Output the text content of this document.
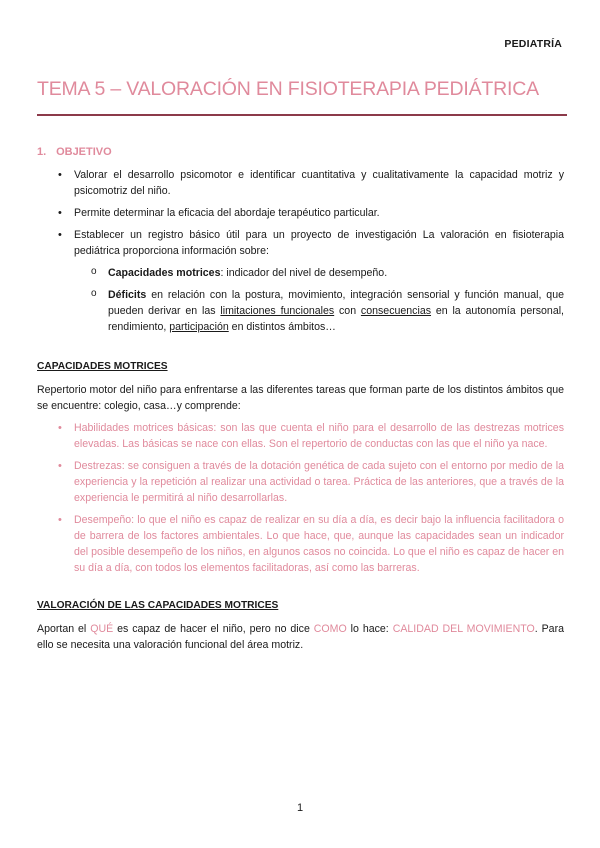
PEDIATRÍA
TEMA 5 – VALORACIÓN EN FISIOTERAPIA PEDIÁTRICA
1. OBJETIVO
• Valorar el desarrollo psicomotor e identificar cuantitativa y cualitativamente la capacidad motriz y psicomotriz del niño.
• Permite determinar la eficacia del abordaje terapéutico particular.
• Establecer un registro básico útil para un proyecto de investigación La valoración en fisioterapia pediátrica proporciona información sobre:
o Capacidades motrices: indicador del nivel de desempeño.
o Déficits en relación con la postura, movimiento, integración sensorial y función manual, que pueden derivar en las limitaciones funcionales con consecuencias en la autonomía personal, rendimiento, participación en distintos ámbitos…
CAPACIDADES MOTRICES
Repertorio motor del niño para enfrentarse a las diferentes tareas que forman parte de los distintos ámbitos que se encuentre: colegio, casa…y comprende:
• Habilidades motrices básicas: son las que cuenta el niño para el desarrollo de las destrezas motrices elevadas. Las básicas se nace con ellas. Son el repertorio de conductas con las que el niño ya nace.
• Destrezas: se consiguen a través de la dotación genética de cada sujeto con el entorno por medio de la experiencia y la repetición al realizar una actividad o tarea. Práctica de las anteriores, que a través de la experiencia le permitirá al niño desarrollarlas.
• Desempeño: lo que el niño es capaz de realizar en su día a día, es decir bajo la influencia facilitadora o de barrera de los factores ambientales. Lo que hace, que, aunque las capacidades sean un indicador del posible desempeño de los niños, en algunos casos no coincida. Lo que el niño es capaz de hacer en su día a día, con todos los elementos facilitadoras, así como las barreras.
VALORACIÓN DE LAS CAPACIDADES MOTRICES
Aportan el QUÉ es capaz de hacer el niño, pero no dice COMO lo hace: CALIDAD DEL MOVIMIENTO. Para ello se necesita una valoración funcional del área motriz.
1
